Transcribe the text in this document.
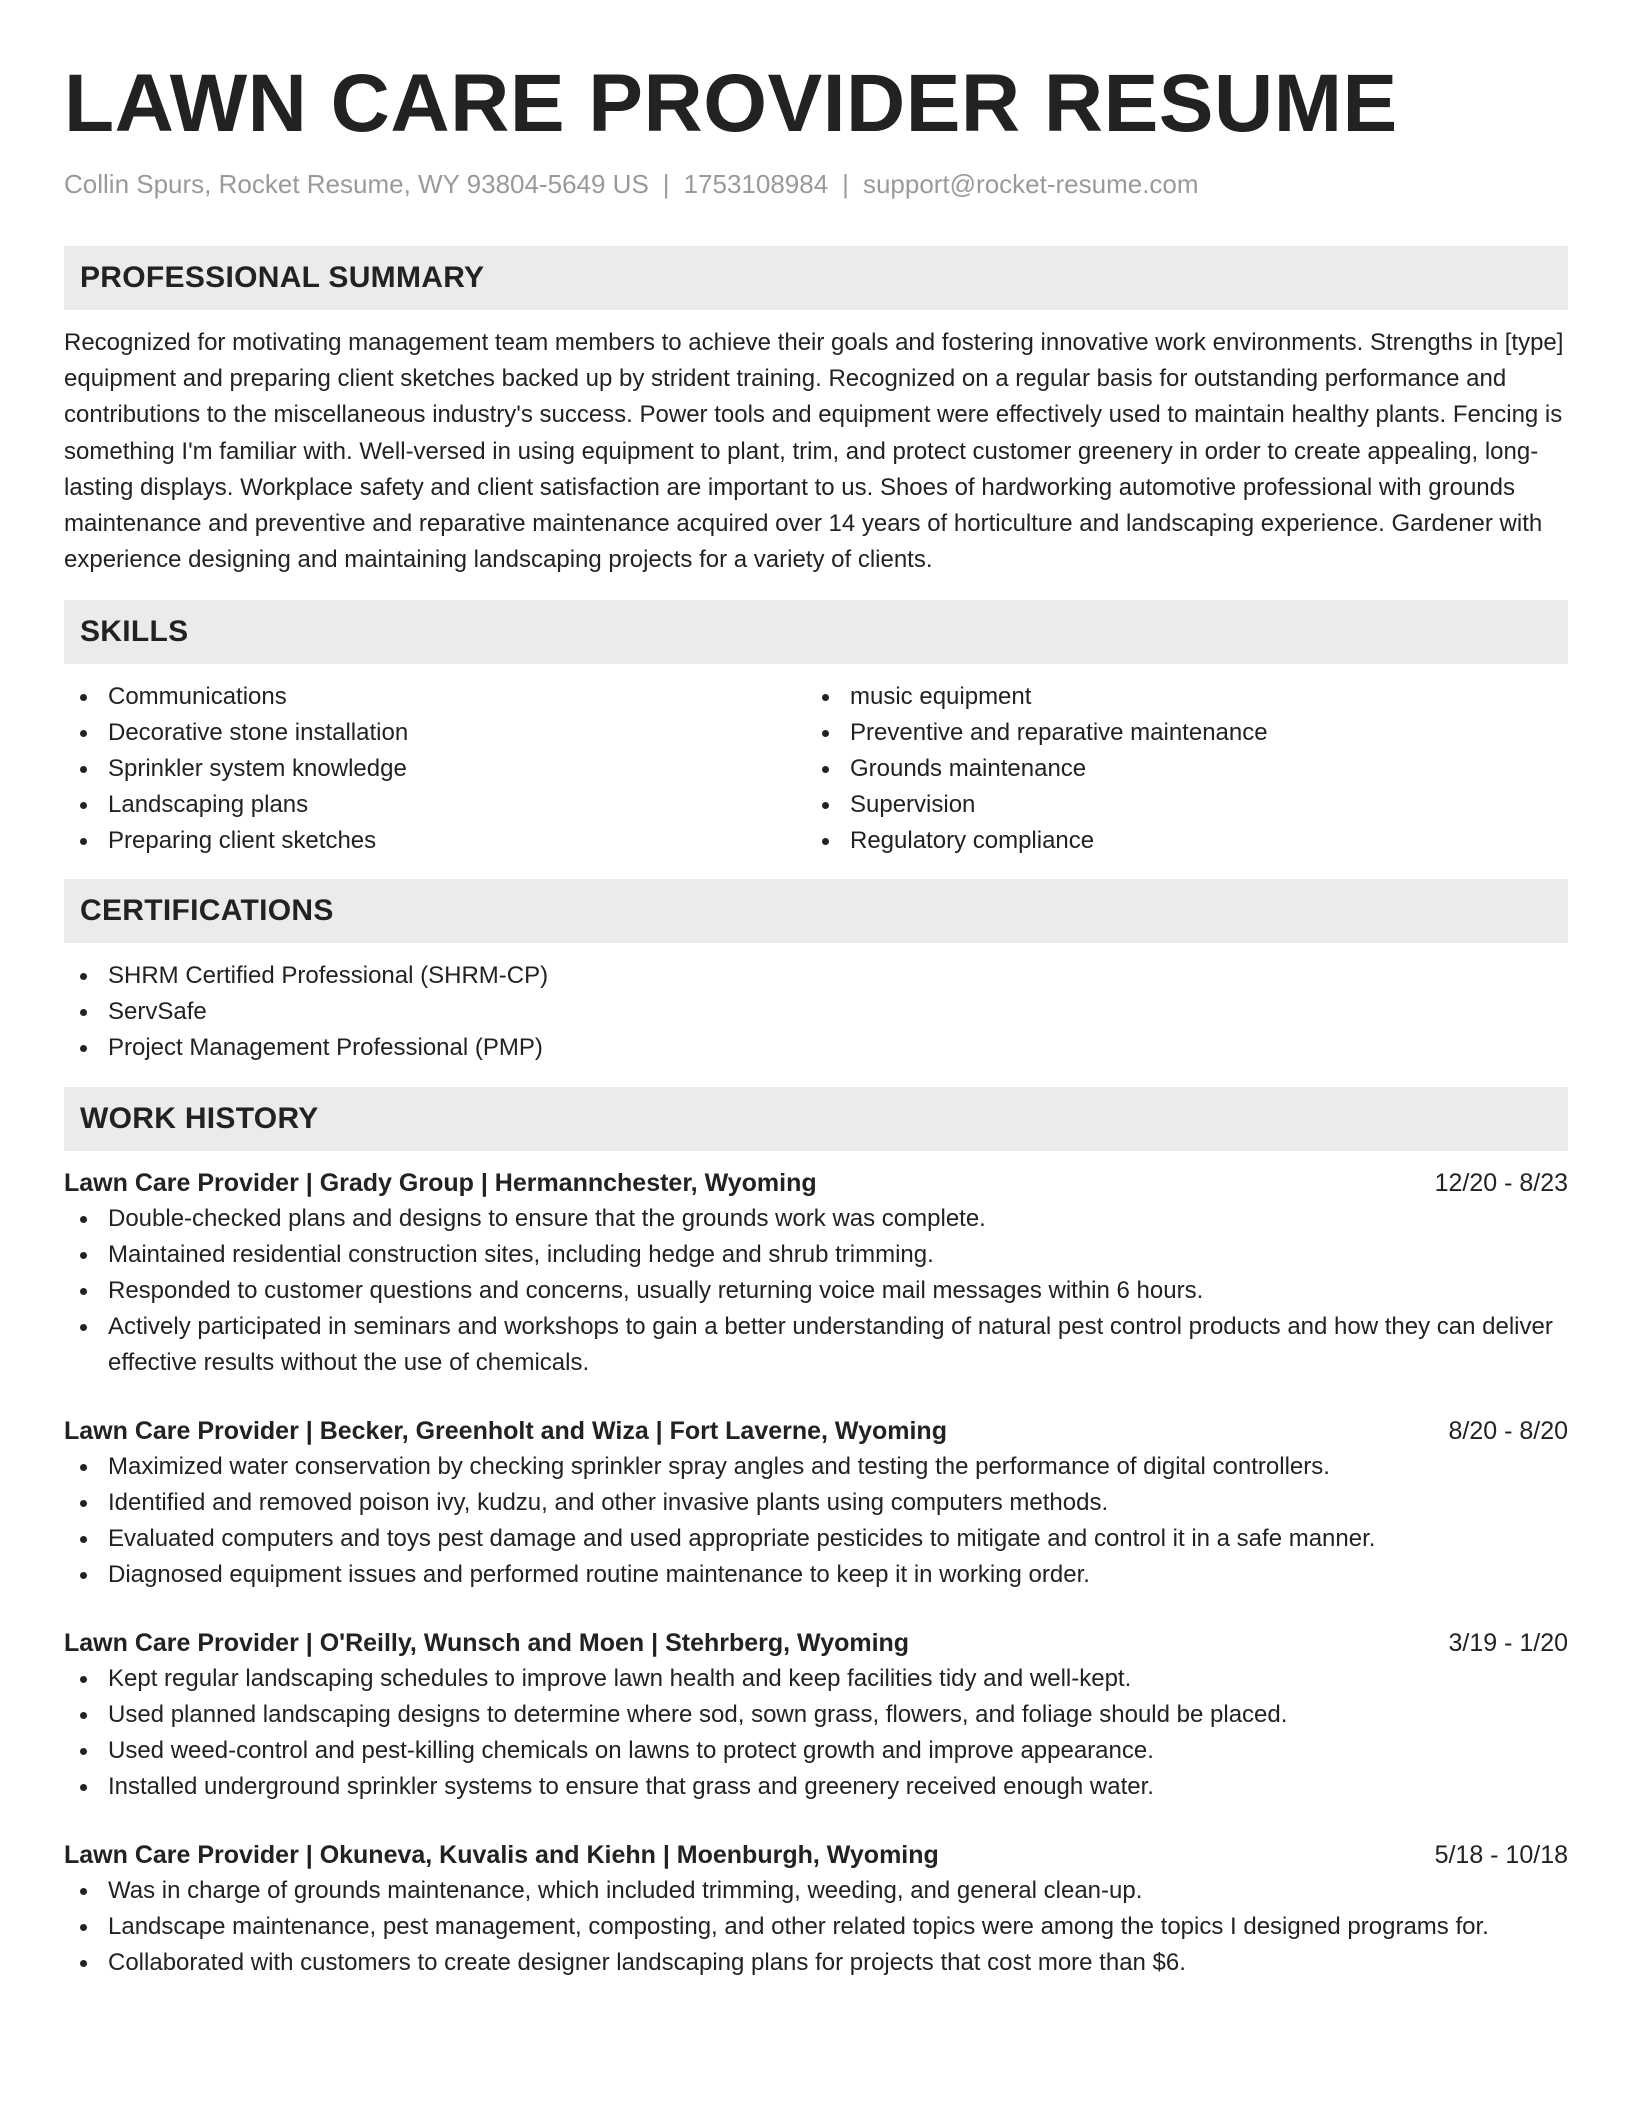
LAWN CARE PROVIDER RESUME
Collin Spurs, Rocket Resume, WY 93804-5649 US | 1753108984 | support@rocket-resume.com
PROFESSIONAL SUMMARY

Recognized for motivating management team members to achieve their goals and fostering innovative work environments. Strengths in [type] equipment and preparing client sketches backed up by strident training. Recognized on a regular basis for outstanding performance and contributions to the miscellaneous industry's success. Power tools and equipment were effectively used to maintain healthy plants. Fencing is something I'm familiar with. Well-versed in using equipment to plant, trim, and protect customer greenery in order to create appealing, long-lasting displays. Workplace safety and client satisfaction are important to us. Shoes of hardworking automotive professional with grounds maintenance and preventive and reparative maintenance acquired over 14 years of horticulture and landscaping experience. Gardener with experience designing and maintaining landscaping projects for a variety of clients.

SKILLS
Communications
Decorative stone installation
Sprinkler system knowledge
Landscaping plans
Preparing client sketches
music equipment
Preventive and reparative maintenance
Grounds maintenance
Supervision
Regulatory compliance
CERTIFICATIONS
SHRM Certified Professional (SHRM-CP)
ServSafe
Project Management Professional (PMP)
WORK HISTORY
Lawn Care Provider | Grady Group | Hermannchester, Wyoming	12/20 - 8/23
Double-checked plans and designs to ensure that the grounds work was complete.
Maintained residential construction sites, including hedge and shrub trimming.
Responded to customer questions and concerns, usually returning voice mail messages within 6 hours.
Actively participated in seminars and workshops to gain a better understanding of natural pest control products and how they can deliver effective results without the use of chemicals.
Lawn Care Provider | Becker, Greenholt and Wiza | Fort Laverne, Wyoming	8/20 - 8/20
Maximized water conservation by checking sprinkler spray angles and testing the performance of digital controllers.
Identified and removed poison ivy, kudzu, and other invasive plants using computers methods.
Evaluated computers and toys pest damage and used appropriate pesticides to mitigate and control it in a safe manner.
Diagnosed equipment issues and performed routine maintenance to keep it in working order.
Lawn Care Provider | O'Reilly, Wunsch and Moen | Stehrberg, Wyoming	3/19 - 1/20
Kept regular landscaping schedules to improve lawn health and keep facilities tidy and well-kept.
Used planned landscaping designs to determine where sod, sown grass, flowers, and foliage should be placed.
Used weed-control and pest-killing chemicals on lawns to protect growth and improve appearance.
Installed underground sprinkler systems to ensure that grass and greenery received enough water.
Lawn Care Provider | Okuneva, Kuvalis and Kiehn | Moenburgh, Wyoming	5/18 - 10/18
Was in charge of grounds maintenance, which included trimming, weeding, and general clean-up.
Landscape maintenance, pest management, composting, and other related topics were among the topics I designed programs for.
Collaborated with customers to create designer landscaping plans for projects that cost more than $6.
